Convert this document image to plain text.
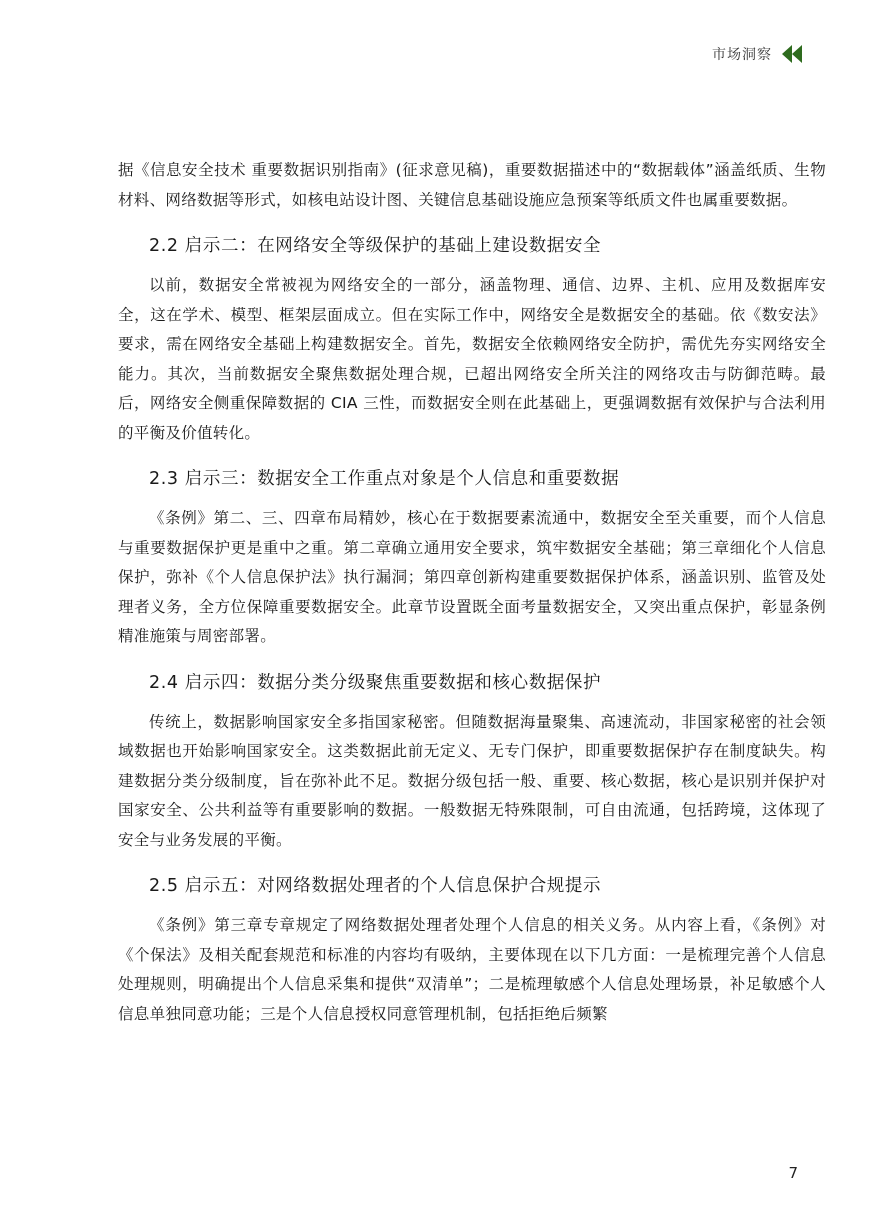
市场洞察

据《信息安全技术 重要数据识别指南》(征求意见稿)，重要数据描述中的“数据载体”涵盖纸质、生物材料、网络数据等形式，如核电站设计图、关键信息基础设施应急预案等纸质文件也属重要数据。

2.2 启示二：在网络安全等级保护的基础上建设数据安全

以前，数据安全常被视为网络安全的一部分，涵盖物理、通信、边界、主机、应用及数据库安全，这在学术、模型、框架层面成立。但在实际工作中，网络安全是数据安全的基础。依《数安法》要求，需在网络安全基础上构建数据安全。首先，数据安全依赖网络安全防护，需优先夯实网络安全能力。其次，当前数据安全聚焦数据处理合规，已超出网络安全所关注的网络攻击与防御范畴。最后，网络安全侧重保障数据的 CIA 三性，而数据安全则在此基础上，更强调数据有效保护与合法利用的平衡及价值转化。

2.3 启示三：数据安全工作重点对象是个人信息和重要数据

《条例》第二、三、四章布局精妙，核心在于数据要素流通中，数据安全至关重要，而个人信息与重要数据保护更是重中之重。第二章确立通用安全要求，筑牢数据安全基础；第三章细化个人信息保护，弥补《个人信息保护法》执行漏洞；第四章创新构建重要数据保护体系，涵盖识别、监管及处理者义务，全方位保障重要数据安全。此章节设置既全面考量数据安全，又突出重点保护，彰显条例精准施策与周密部署。

2.4 启示四：数据分类分级聚焦重要数据和核心数据保护

传统上，数据影响国家安全多指国家秘密。但随数据海量聚集、高速流动，非国家秘密的社会领域数据也开始影响国家安全。这类数据此前无定义、无专门保护，即重要数据保护存在制度缺失。构建数据分类分级制度，旨在弥补此不足。数据分级包括一般、重要、核心数据，核心是识别并保护对国家安全、公共利益等有重要影响的数据。一般数据无特殊限制，可自由流通，包括跨境，这体现了安全与业务发展的平衡。

2.5 启示五：对网络数据处理者的个人信息保护合规提示

《条例》第三章专章规定了网络数据处理者处理个人信息的相关义务。从内容上看，《条例》对《个保法》及相关配套规范和标准的内容均有吸纳，主要体现在以下几方面：一是梳理完善个人信息处理规则，明确提出个人信息采集和提供“双清单”；二是梳理敏感个人信息处理场景，补足敏感个人信息单独同意功能；三是个人信息授权同意管理机制，包括拒绝后频繁

7
